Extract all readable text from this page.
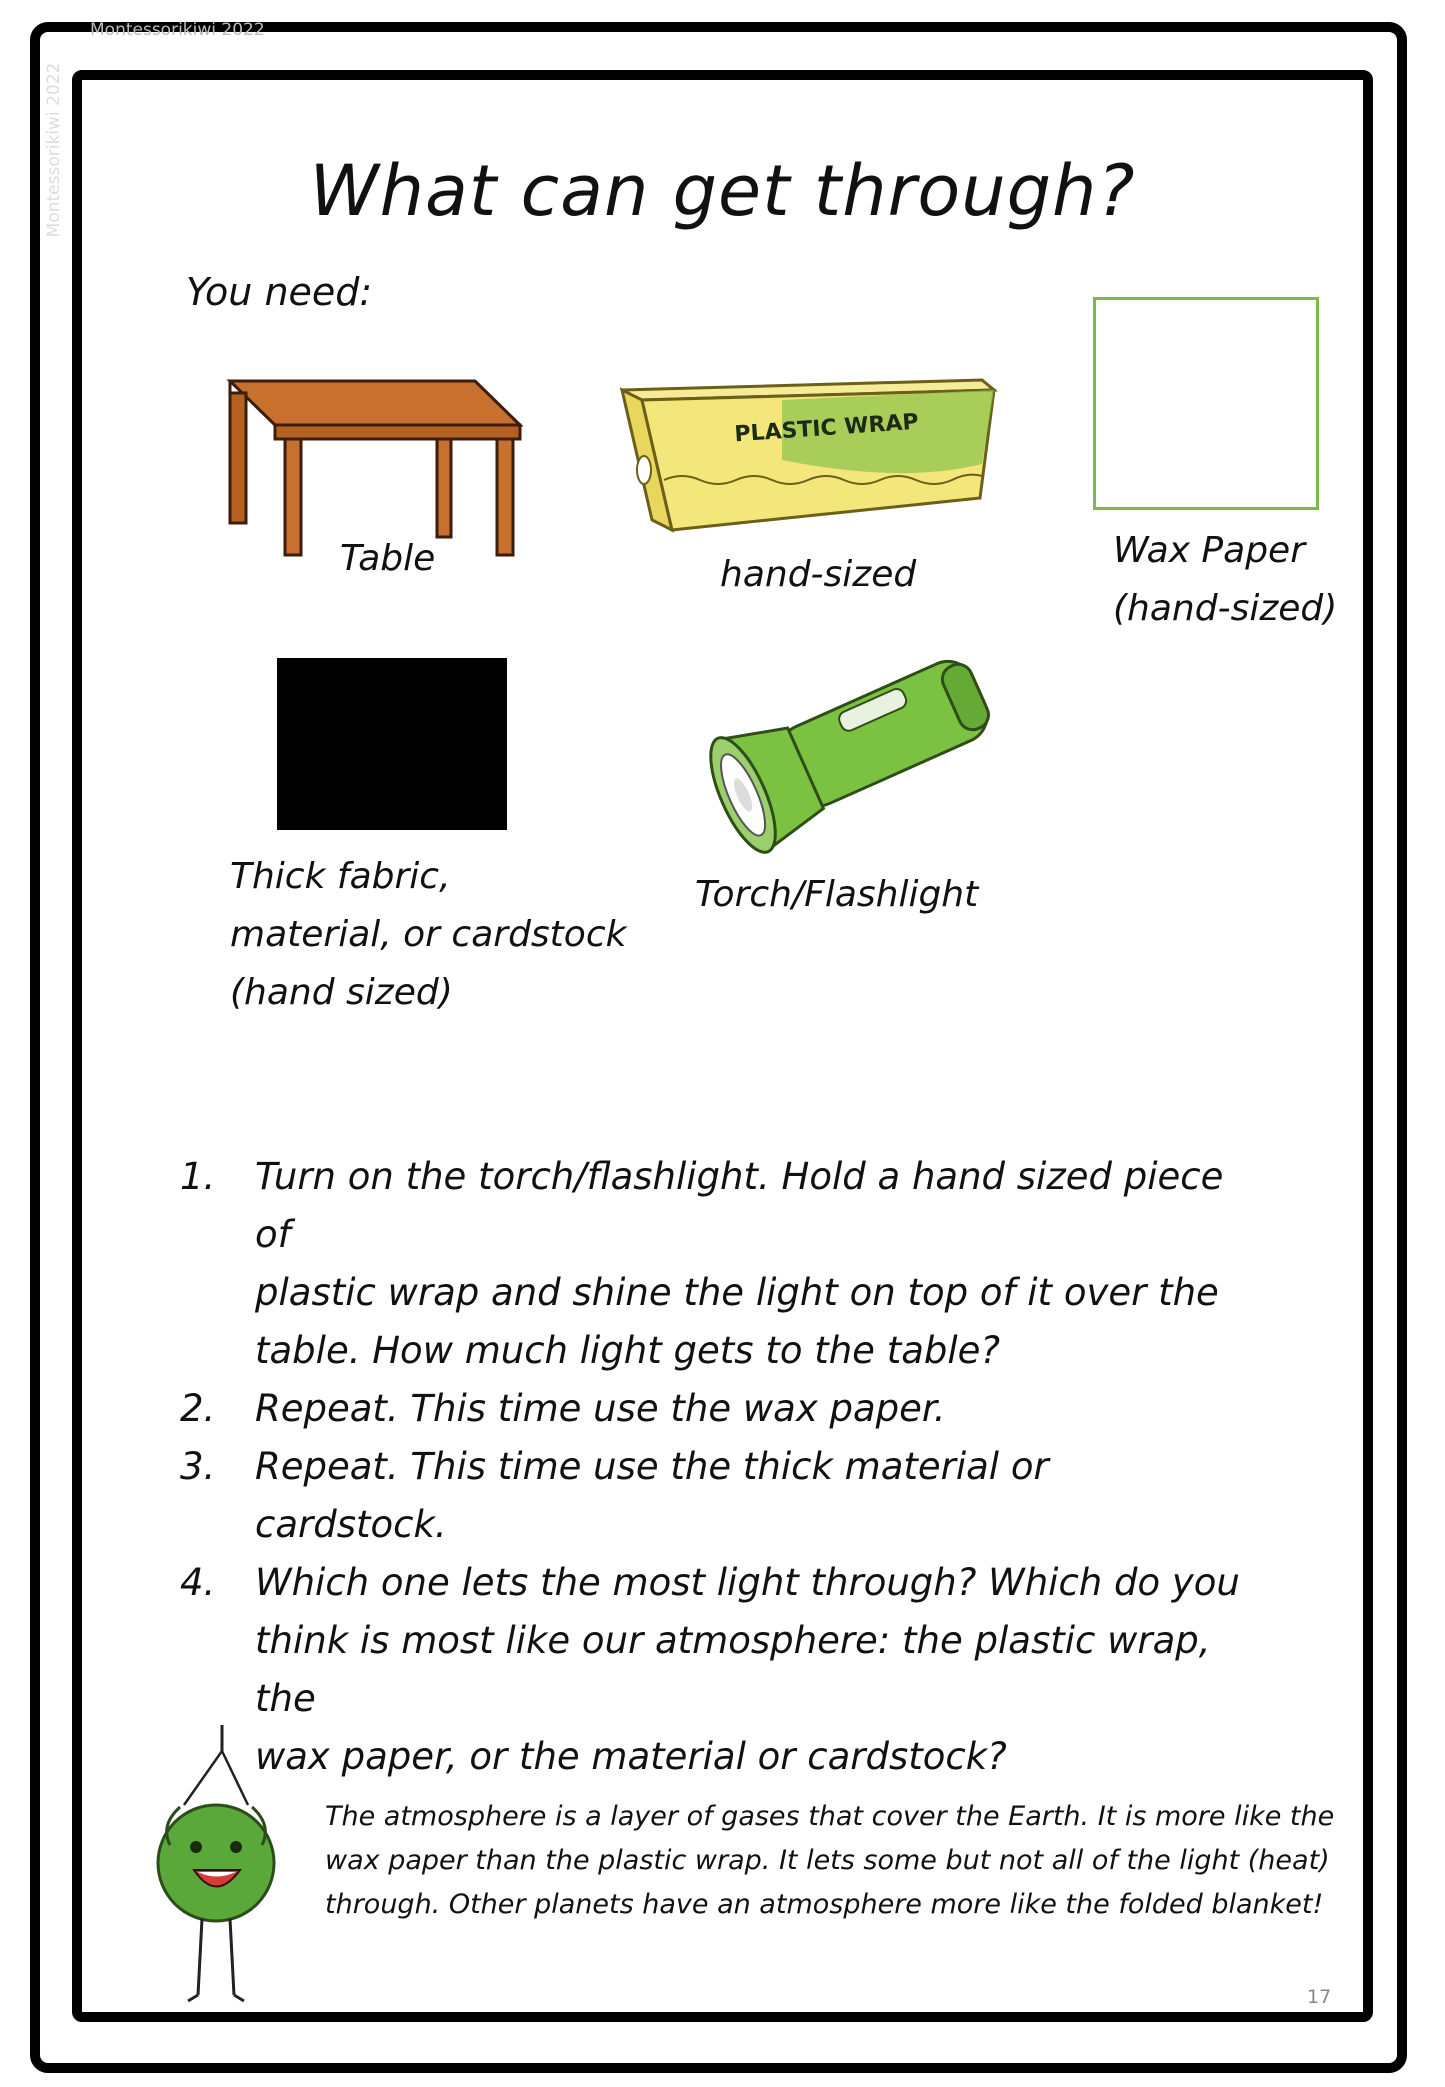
Montessorikiwi 2022
Montessorikiwi 2022	What can get through?
You need:
Table
PLASTIC WRAP
hand-sized
Wax Paper
(hand-sized)
Thick fabric,
material, or cardstock
(hand sized)
Torch/Flashlight
1. Turn on the torch/flashlight. Hold a hand sized piece of
plastic wrap and shine the light on top of it over the
table. How much light gets to the table?
2. Repeat. This time use the wax paper.
3. Repeat. This time use the thick material or cardstock.
4. Which one lets the most light through? Which do you
think is most like our atmosphere: the plastic wrap, the
wax paper, or the material or cardstock?
The atmosphere is a layer of gases that cover the Earth. It is more like the
wax paper than the plastic wrap. It lets some but not all of the light (heat)
through. Other planets have an atmosphere more like the folded blanket!
17
